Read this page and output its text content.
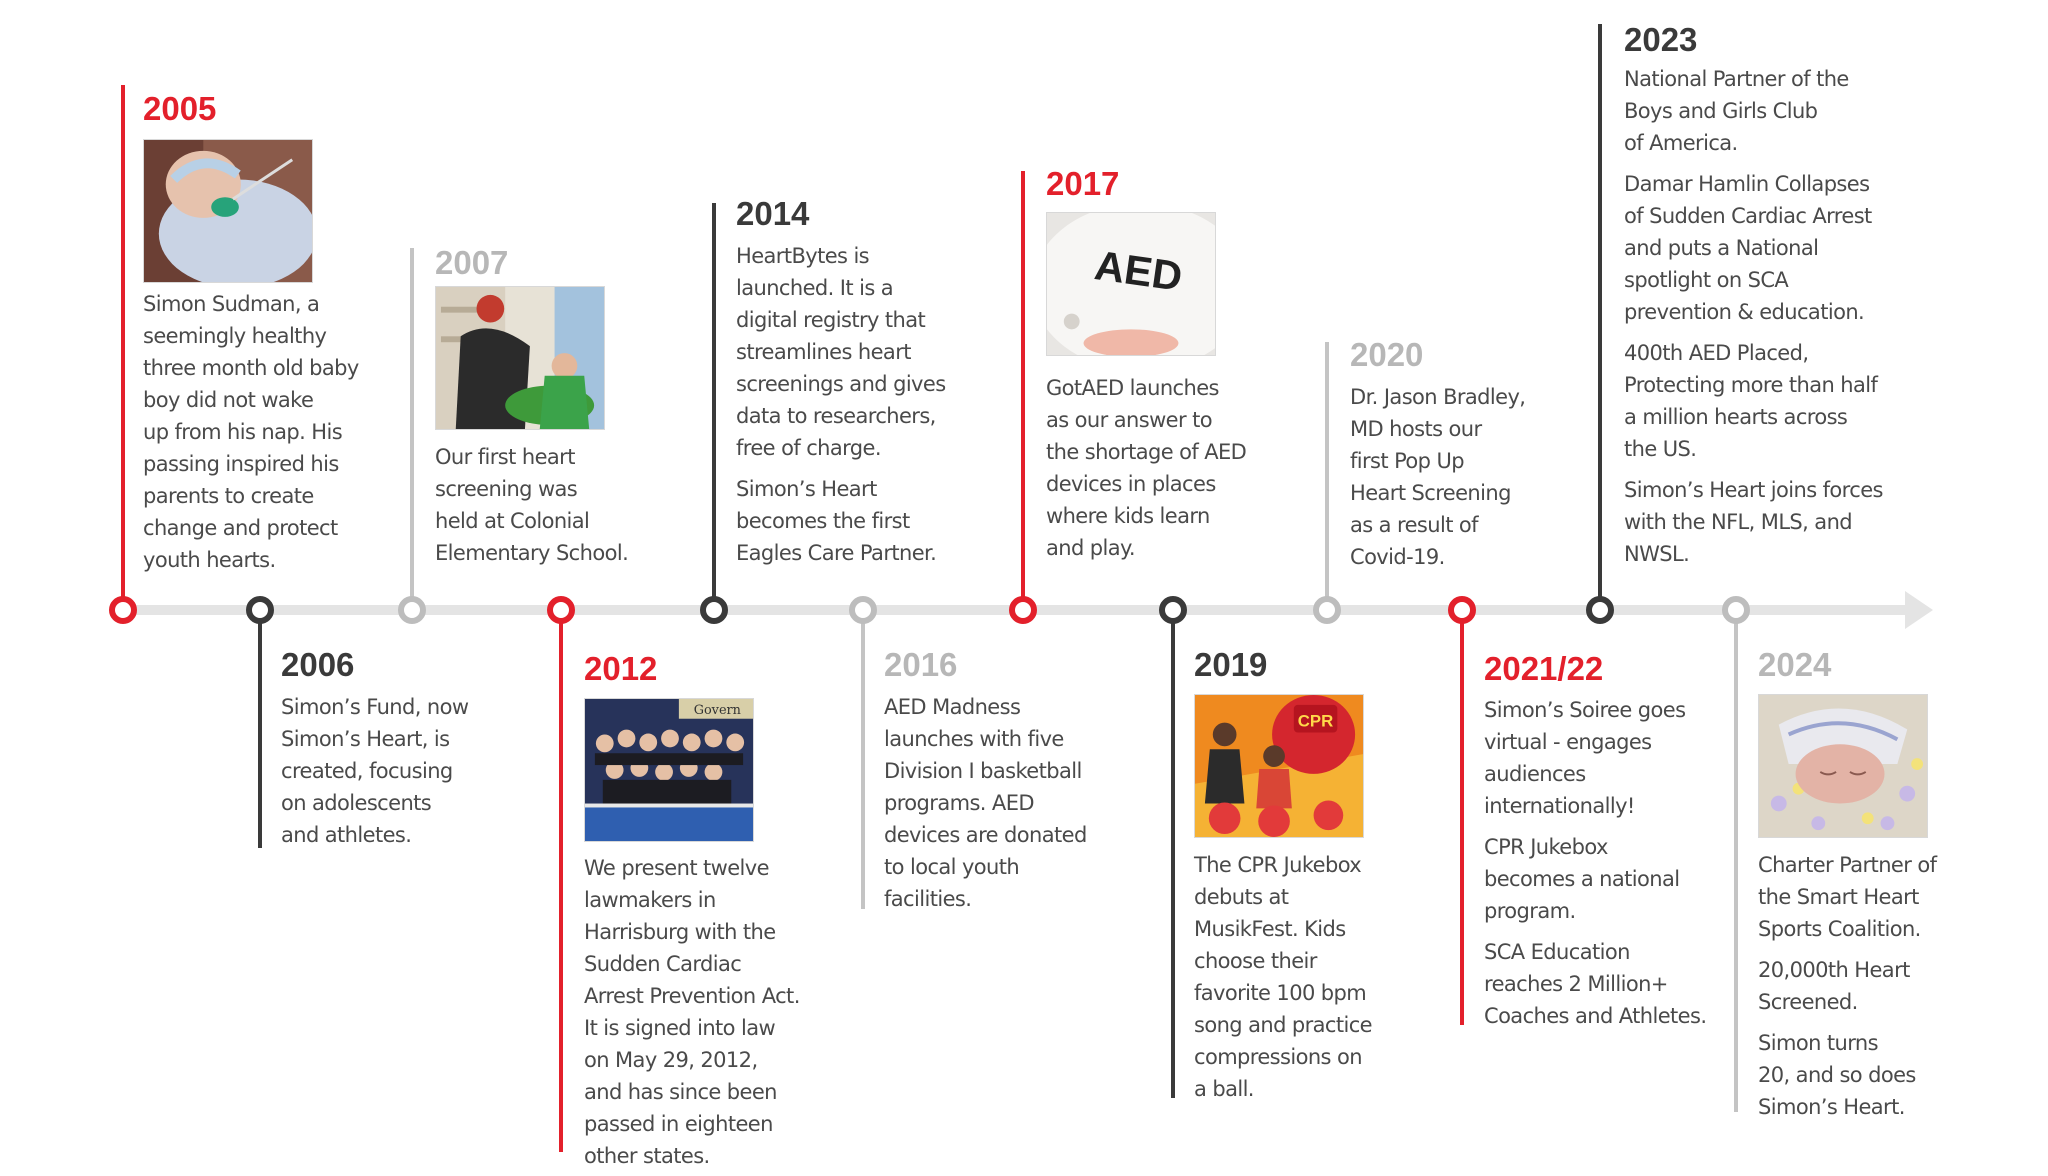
2005
Simon Sudman, a
seemingly healthy
three month old baby
boy did not wake
up from his nap. His
passing inspired his
parents to create
change and protect
youth hearts.
2006
Simon’s Fund, now
Simon’s Heart, is
created, focusing
on adolescents
and athletes.
2007
Our first heart
screening was
held at Colonial
Elementary School.
2012
Govern
We present twelve
lawmakers in
Harrisburg with the
Sudden Cardiac
Arrest Prevention Act.
It is signed into law
on May 29, 2012,
and has since been
passed in eighteen
other states.
2014
HeartBytes is
launched. It is a
digital registry that
streamlines heart
screenings and gives
data to researchers,
free of charge.
Simon’s Heart
becomes the first
Eagles Care Partner.
2016
AED Madness
launches with five
Division I basketball
programs. AED
devices are donated
to local youth
facilities.
2017
AED
GotAED launches
as our answer to
the shortage of AED
devices in places
where kids learn
and play.
2019
CPR
The CPR Jukebox
debuts at
MusikFest. Kids
choose their
favorite 100 bpm
song and practice
compressions on
a ball.
2020
Dr. Jason Bradley,
MD hosts our
first Pop Up
Heart Screening
as a result of
Covid-19.
2021/22
Simon’s Soiree goes
virtual - engages
audiences
internationally!
CPR Jukebox
becomes a national
program.
SCA Education
reaches 2 Million+
Coaches and Athletes.
2023
National Partner of the
Boys and Girls Club
of America.
Damar Hamlin Collapses
of Sudden Cardiac Arrest
and puts a National
spotlight on SCA
prevention & education.
400th AED Placed,
Protecting more than half
a million hearts across
the US.
Simon’s Heart joins forces
with the NFL, MLS, and
NWSL.
2024
Charter Partner of
the Smart Heart
Sports Coalition.
20,000th Heart
Screened.
Simon turns
20, and so does
Simon’s Heart.
